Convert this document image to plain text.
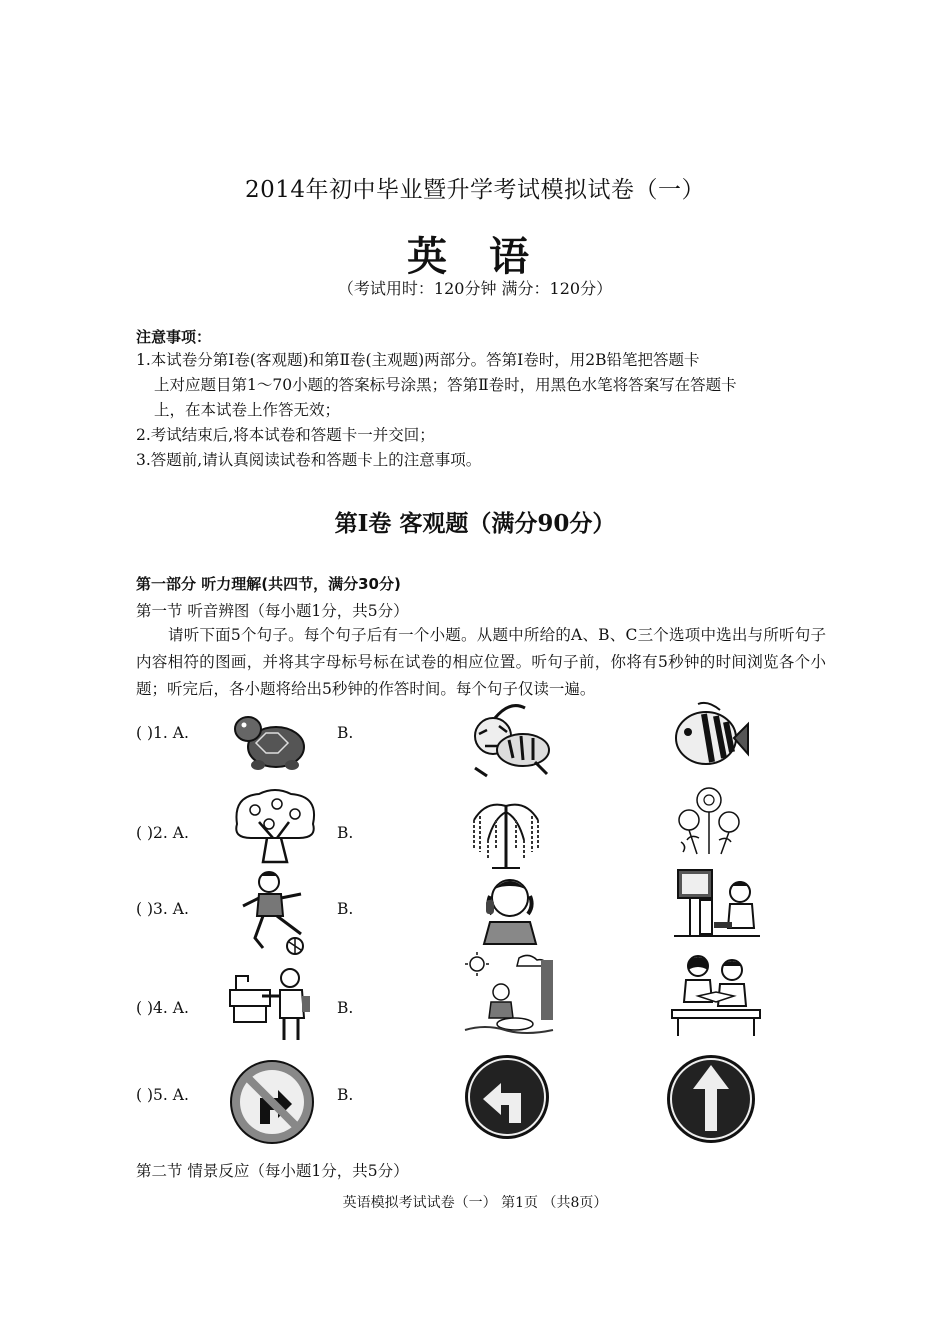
2014年初中毕业暨升学考试模拟试卷（一）
英 语
（考试用时：120分钟 满分：120分）
注意事项：
1.本试卷分第Ⅰ卷(客观题)和第Ⅱ卷(主观题)两部分。答第Ⅰ卷时，用2B铅笔把答题卡
上对应题目第1～70小题的答案标号涂黑；答第Ⅱ卷时，用黑色水笔将答案写在答题卡
上，在本试卷上作答无效；
2.考试结束后,将本试卷和答题卡一并交回；
3.答题前,请认真阅读试卷和答题卡上的注意事项。
第Ⅰ卷 客观题（满分90分）
第一部分 听力理解(共四节，满分30分)
第一节 听音辨图（每小题1分，共5分）
请听下面5个句子。每个句子后有一个小题。从题中所给的A、B、C三个选项中选出与所听句子内容相符的图画，并将其字母标号标在试卷的相应位置。听句子前，你将有5秒钟的时间浏览各个小题；听完后，各小题将给出5秒钟的作答时间。每个句子仅读一遍。
( )1. A.	B.
( )2. A.	B.
( )3. A.	B.
( )4. A.	B.
( )5. A.	B.
第二节 情景反应（每小题1分，共5分）
英语模拟考试试卷（一） 第1页 （共8页）
